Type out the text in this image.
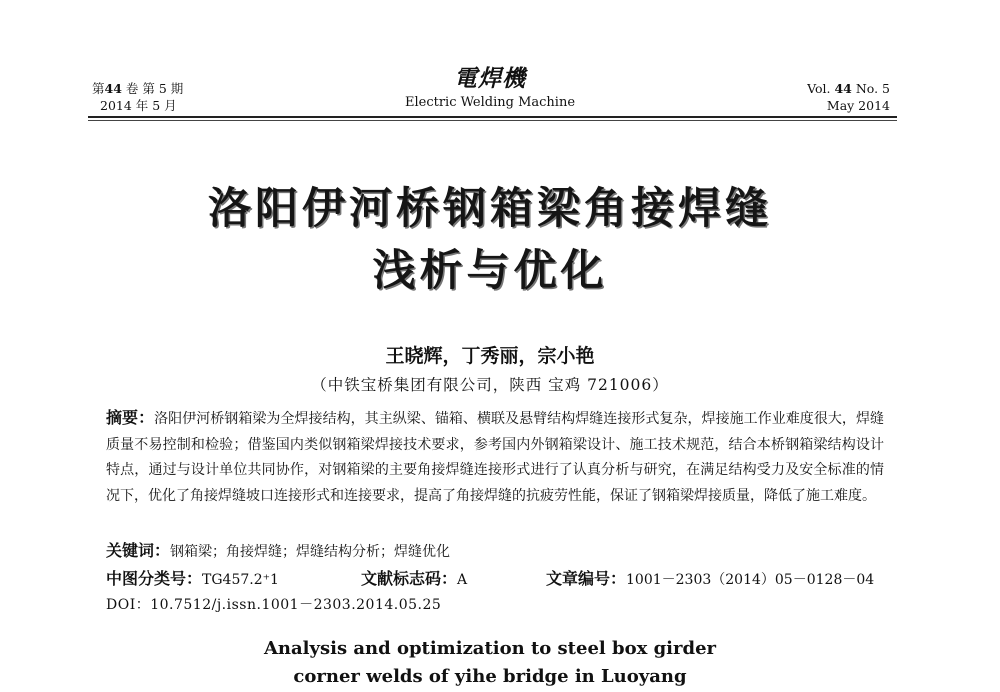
第44 卷 第 5 期
2014 年 5 月
電焊機
Electric Welding Machine
Vol. 44 No. 5
May 2014
洛阳伊河桥钢箱梁角接焊缝
浅析与优化
王晓辉，丁秀丽，宗小艳
（中铁宝桥集团有限公司，陕西 宝鸡 721006）
摘要：洛阳伊河桥钢箱梁为全焊接结构，其主纵梁、锚箱、横联及悬臂结构焊缝连接形式复杂，焊接施工作业难度很大，焊缝质量不易控制和检验；借鉴国内类似钢箱梁焊接技术要求，参考国内外钢箱梁设计、施工技术规范，结合本桥钢箱梁结构设计特点，通过与设计单位共同协作，对钢箱梁的主要角接焊缝连接形式进行了认真分析与研究，在满足结构受力及安全标准的情况下，优化了角接焊缝坡口连接形式和连接要求，提高了角接焊缝的抗疲劳性能，保证了钢箱梁焊接质量，降低了施工难度。
关键词：钢箱梁；角接焊缝；焊缝结构分析；焊缝优化
中图分类号：TG457.2⁺1	文献标志码：A	文章编号：1001－2303（2014）05－0128－04
DOI：10.7512/j.issn.1001－2303.2014.05.25
Analysis and optimization to steel box girder
corner welds of yihe bridge in Luoyang
